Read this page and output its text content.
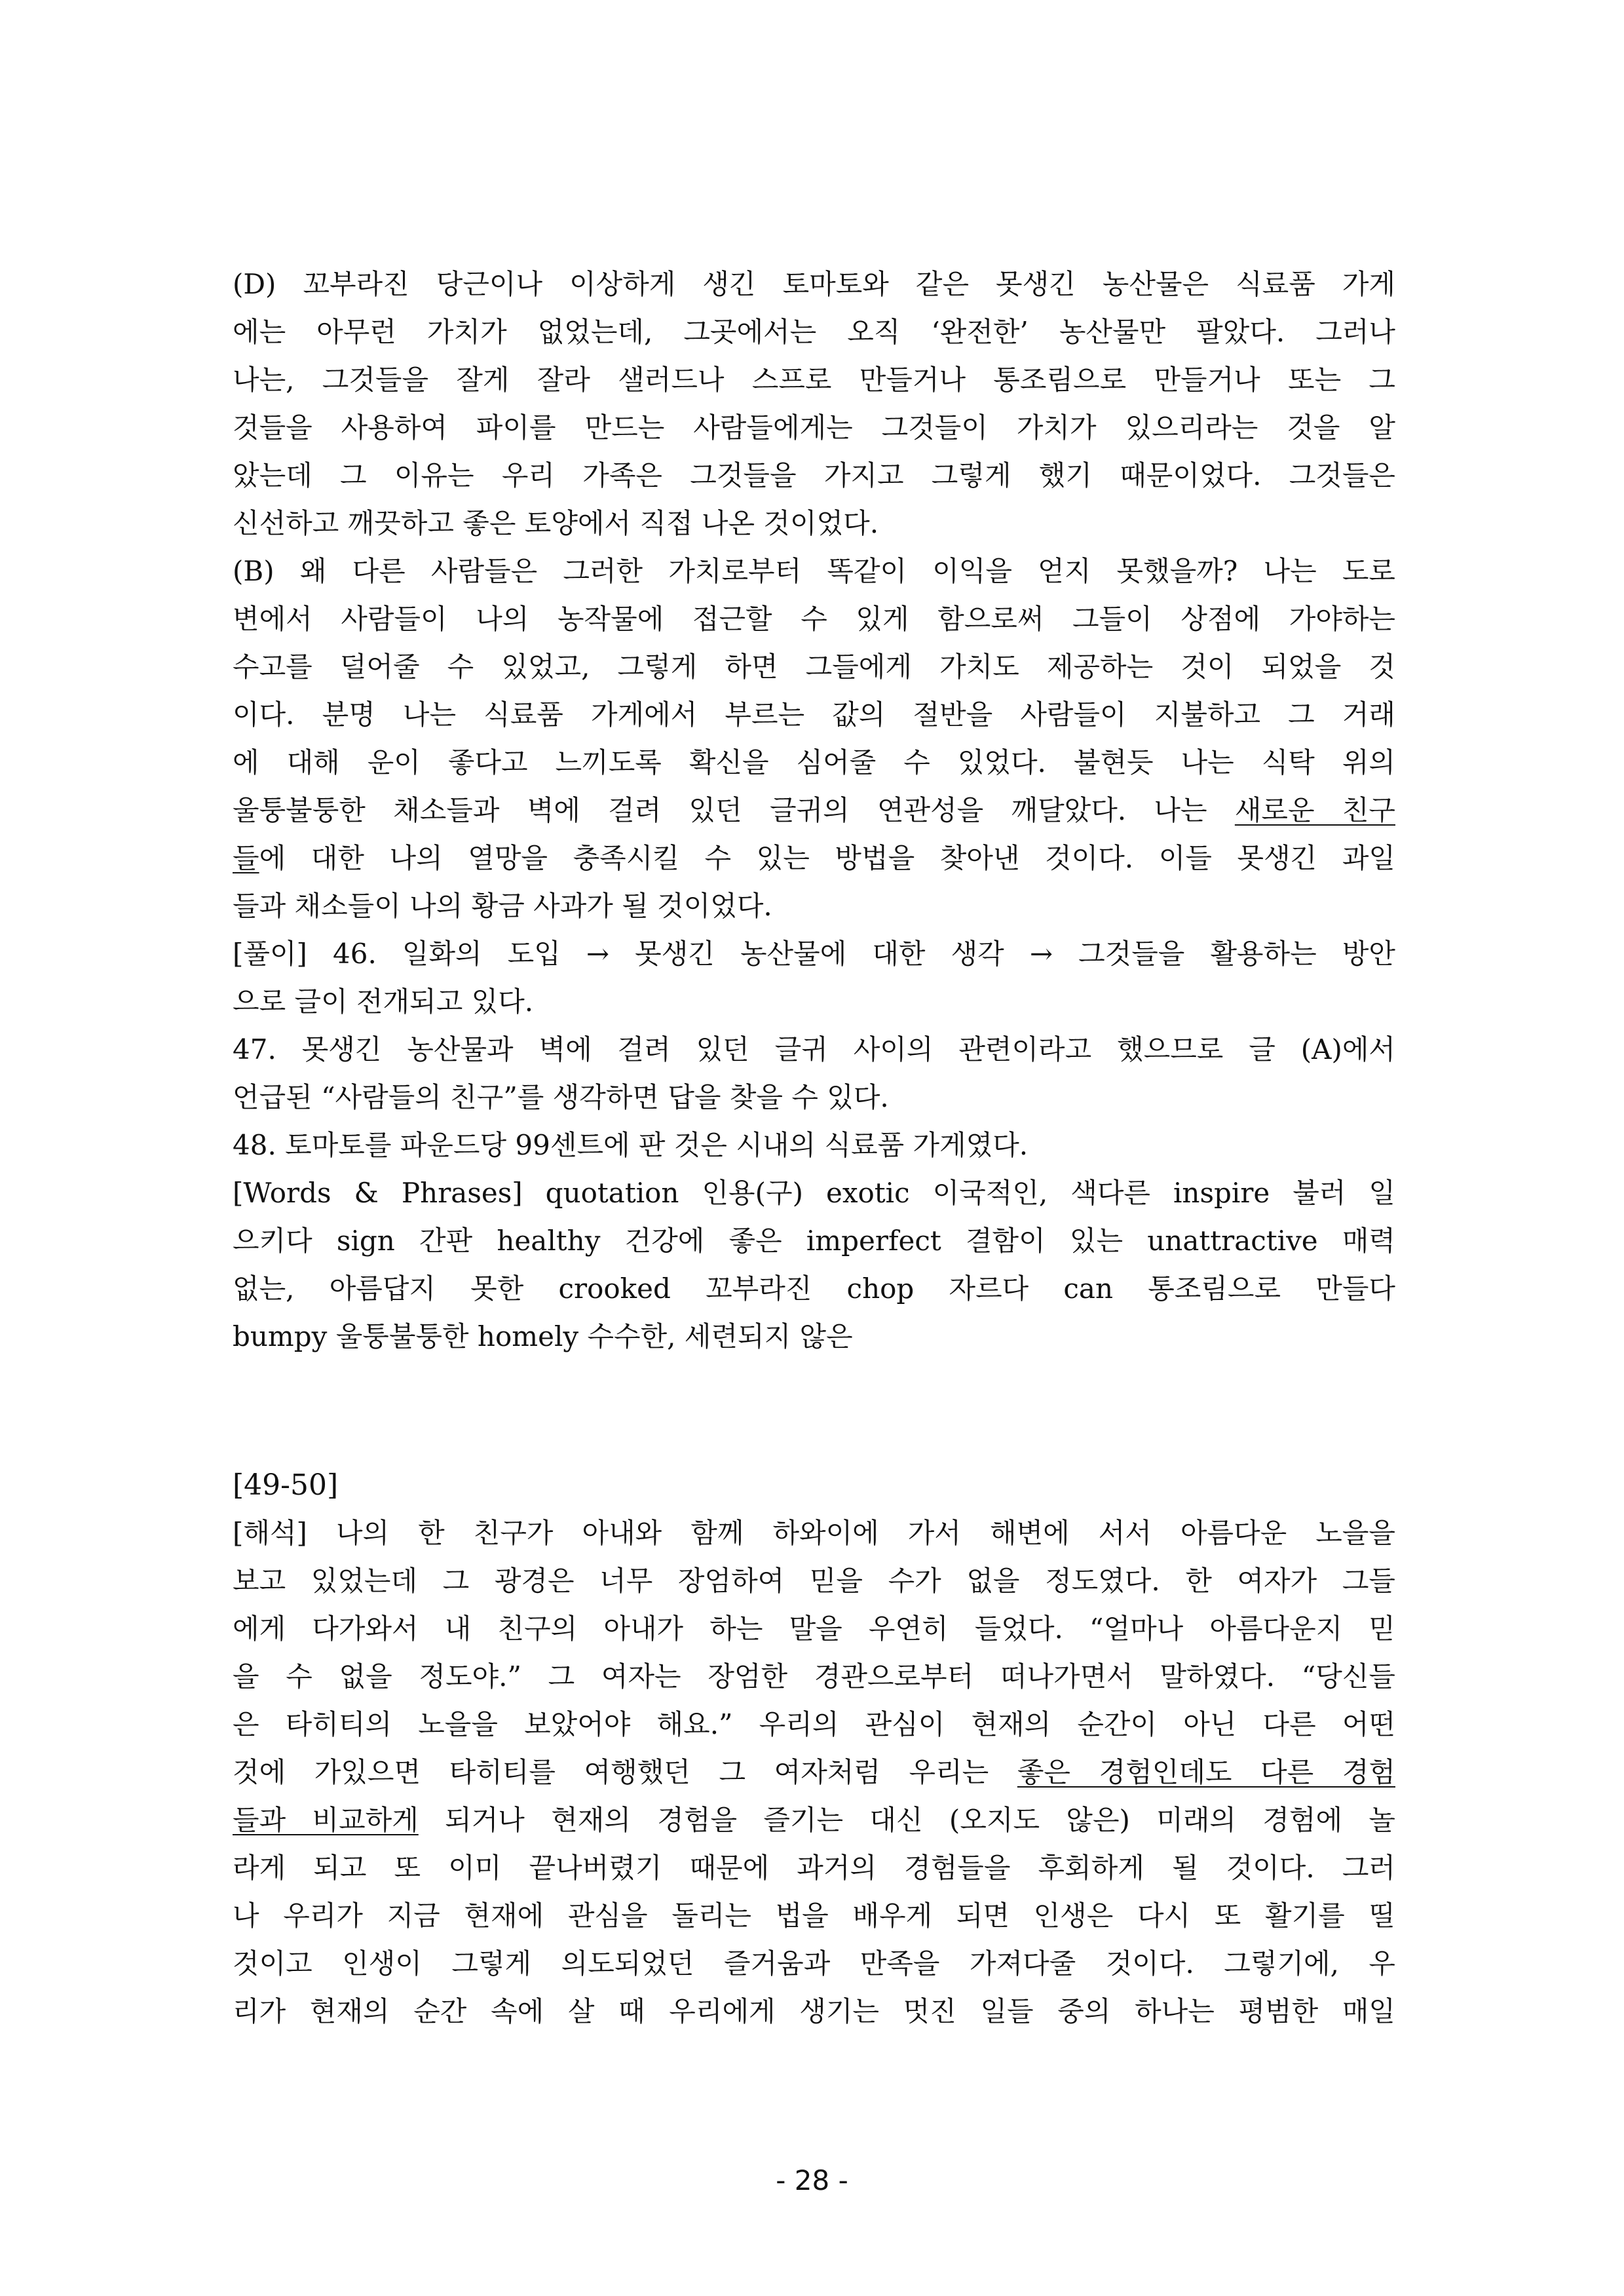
(D) 꼬부라진 당근이나 이상하게 생긴 토마토와 같은 못생긴 농산물은 식료품 가게
에는 아무런 가치가 없었는데, 그곳에서는 오직 ‘완전한’ 농산물만 팔았다. 그러나
나는, 그것들을 잘게 잘라 샐러드나 스프로 만들거나 통조림으로 만들거나 또는 그
것들을 사용하여 파이를 만드는 사람들에게는 그것들이 가치가 있으리라는 것을 알
았는데 그 이유는 우리 가족은 그것들을 가지고 그렇게 했기 때문이었다. 그것들은
신선하고 깨끗하고 좋은 토양에서 직접 나온 것이었다.
(B) 왜 다른 사람들은 그러한 가치로부터 똑같이 이익을 얻지 못했을까? 나는 도로
변에서 사람들이 나의 농작물에 접근할 수 있게 함으로써 그들이 상점에 가야하는
수고를 덜어줄 수 있었고, 그렇게 하면 그들에게 가치도 제공하는 것이 되었을 것
이다. 분명 나는 식료품 가게에서 부르는 값의 절반을 사람들이 지불하고 그 거래
에 대해 운이 좋다고 느끼도록 확신을 심어줄 수 있었다. 불현듯 나는 식탁 위의
울퉁불퉁한 채소들과 벽에 걸려 있던 글귀의 연관성을 깨달았다. 나는 새로운 친구
들에 대한 나의 열망을 충족시킬 수 있는 방법을 찾아낸 것이다. 이들 못생긴 과일
들과 채소들이 나의 황금 사과가 될 것이었다.
[풀이] 46. 일화의 도입 → 못생긴 농산물에 대한 생각 → 그것들을 활용하는 방안
으로 글이 전개되고 있다.
47. 못생긴 농산물과 벽에 걸려 있던 글귀 사이의 관련이라고 했으므로 글 (A)에서
언급된 “사람들의 친구”를 생각하면 답을 찾을 수 있다.
48. 토마토를 파운드당 99센트에 판 것은 시내의 식료품 가게였다.
[Words & Phrases] quotation 인용(구) exotic 이국적인, 색다른 inspire 불러 일
으키다 sign 간판 healthy 건강에 좋은 imperfect 결함이 있는 unattractive 매력
없는, 아름답지 못한 crooked 꼬부라진 chop 자르다 can 통조림으로 만들다
bumpy 울퉁불퉁한 homely 수수한, 세련되지 않은
[49-50]
[해석] 나의 한 친구가 아내와 함께 하와이에 가서 해변에 서서 아름다운 노을을
보고 있었는데 그 광경은 너무 장엄하여 믿을 수가 없을 정도였다. 한 여자가 그들
에게 다가와서 내 친구의 아내가 하는 말을 우연히 들었다. “얼마나 아름다운지 믿
을 수 없을 정도야.” 그 여자는 장엄한 경관으로부터 떠나가면서 말하였다. “당신들
은 타히티의 노을을 보았어야 해요.” 우리의 관심이 현재의 순간이 아닌 다른 어떤
것에 가있으면 타히티를 여행했던 그 여자처럼 우리는 좋은 경험인데도 다른 경험
들과 비교하게 되거나 현재의 경험을 즐기는 대신 (오지도 않은) 미래의 경험에 놀
라게 되고 또 이미 끝나버렸기 때문에 과거의 경험들을 후회하게 될 것이다. 그러
나 우리가 지금 현재에 관심을 돌리는 법을 배우게 되면 인생은 다시 또 활기를 띨
것이고 인생이 그렇게 의도되었던 즐거움과 만족을 가져다줄 것이다. 그렇기에, 우
리가 현재의 순간 속에 살 때 우리에게 생기는 멋진 일들 중의 하나는 평범한 매일
- 28 -
